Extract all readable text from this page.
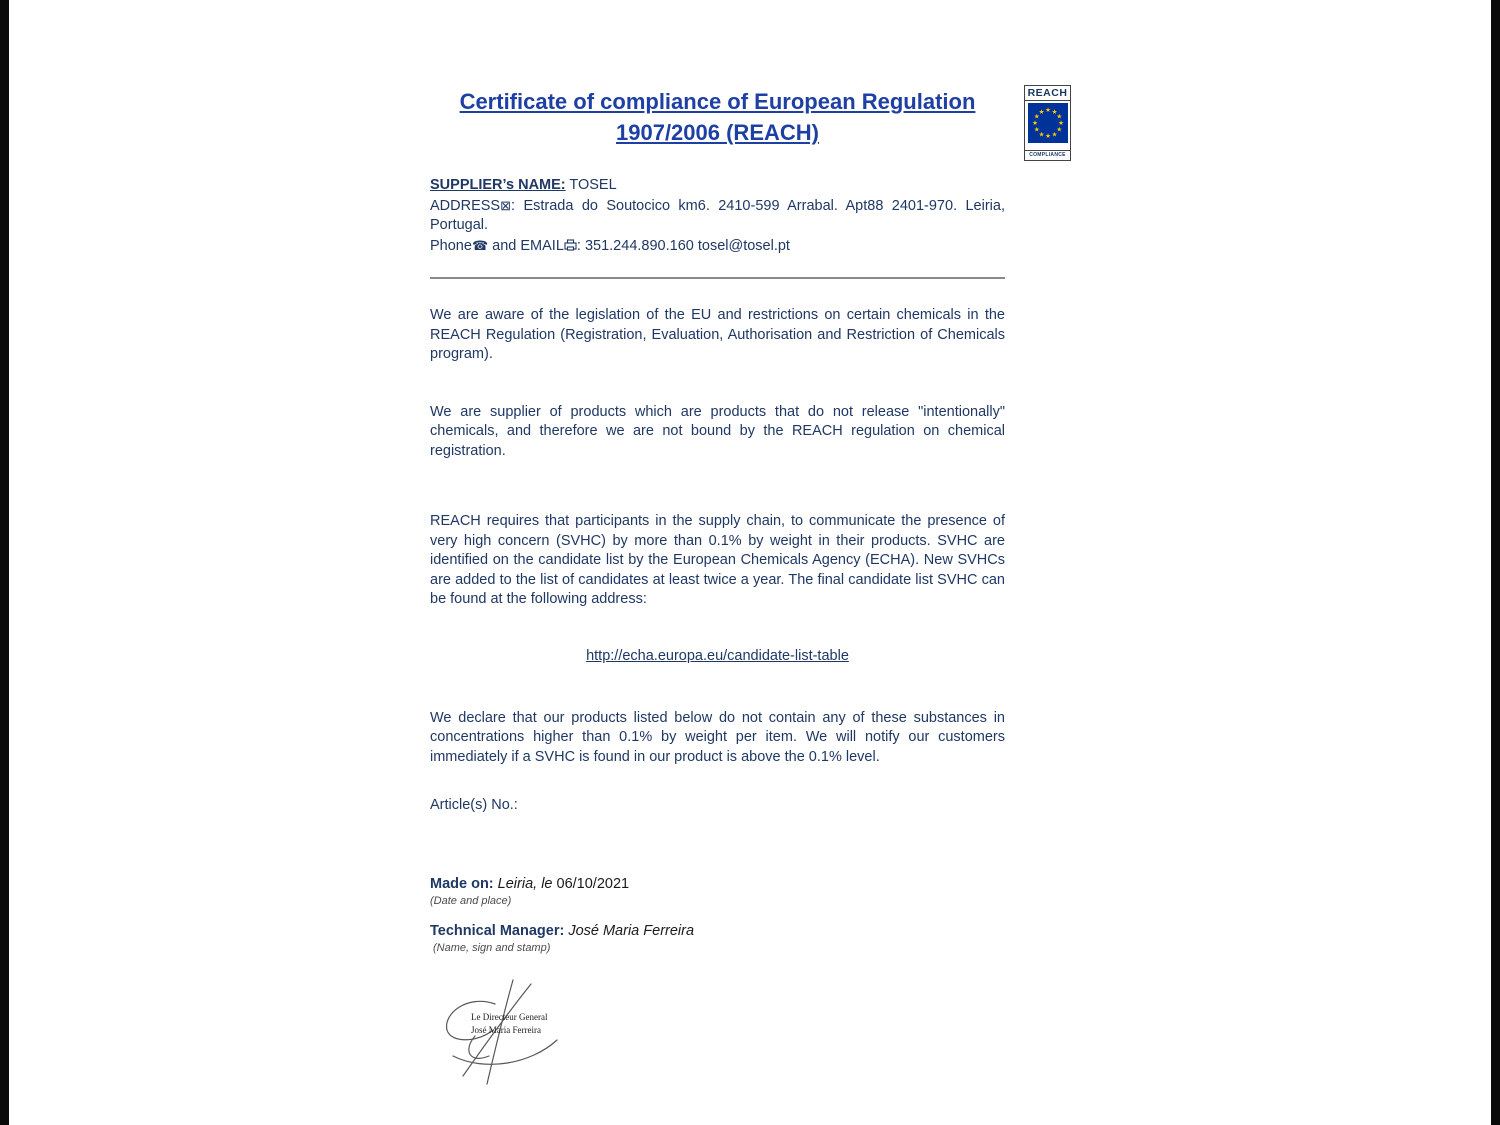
REACH
★ ★
★
★
★
★
★
★
★
★
★
★
COMPLIANCE
Certificate of compliance of European Regulation
1907/2006 (REACH)
SUPPLIER’s NAME: TOSEL
ADDRESS⊠: Estrada do Soutocico km6. 2410-599 Arrabal. Apt88 2401-970. Leiria, Portugal.
Phone☎ and EMAIL : 351.244.890.160 tosel@tosel.pt

We are aware of the legislation of the EU and restrictions on certain chemicals in the REACH Regulation (Registration, Evaluation, Authorisation and Restriction of Chemicals program).

We are supplier of products which are products that do not release "intentionally" chemicals, and therefore we are not bound by the REACH regulation on chemical registration.

REACH requires that participants in the supply chain, to communicate the presence of very high concern (SVHC) by more than 0.1% by weight in their products. SVHC are identified on the candidate list by the European Chemicals Agency (ECHA). New SVHCs are added to the list of candidates at least twice a year. The final candidate list SVHC can be found at the following address:

http://echa.europa.eu/candidate-list-table

We declare that our products listed below do not contain any of these substances in concentrations higher than 0.1% by weight per item. We will notify our customers immediately if a SVHC is found in our product is above the 0.1% level.

Article(s) No.:

Made on: Leiria, le 06/10/2021
(Date and place)
Technical Manager: José Maria Ferreira
(Name, sign and stamp)
Le Directeur General
José Maria Ferreira
